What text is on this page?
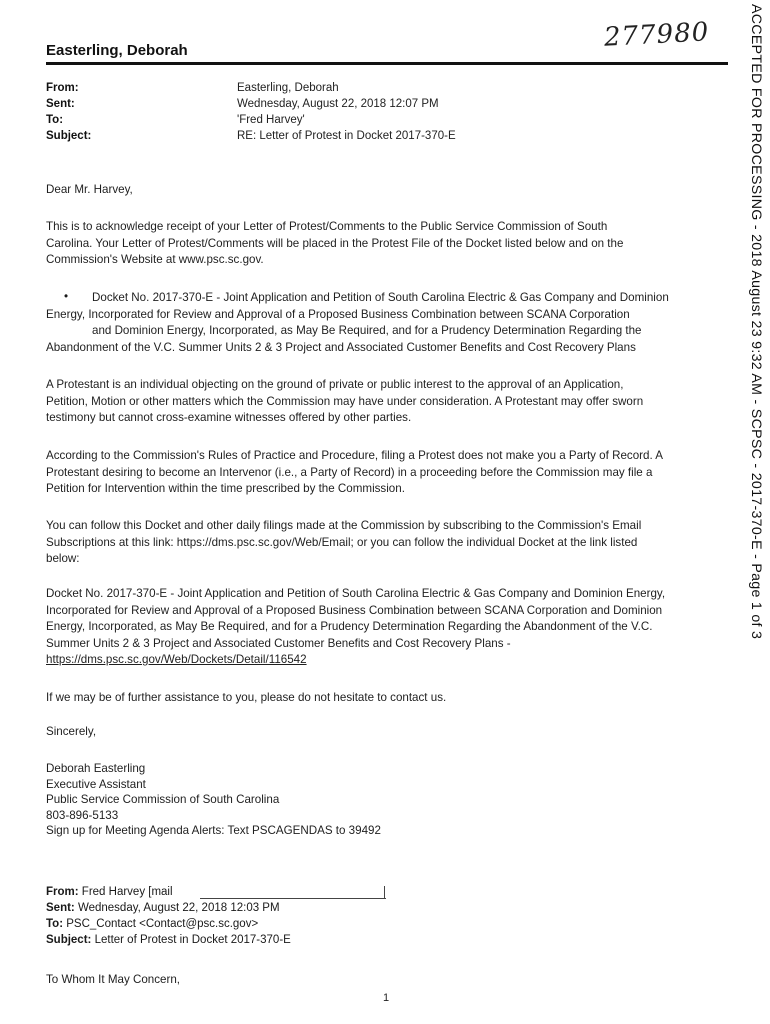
Easterling, Deborah	277980	ACCEPTED FOR PROCESSING - 2018 August 23 9:32 AM - SCPSC - 2017-370-E - Page 1 of 3
From:	Easterling, Deborah
Sent:	Wednesday, August 22, 2018 12:07 PM
To:	'Fred Harvey'
Subject:	RE: Letter of Protest in Docket 2017-370-E
Dear Mr. Harvey,
This is to acknowledge receipt of your Letter of Protest/Comments to the Public Service Commission of South
Carolina. Your Letter of Protest/Comments will be placed in the Protest File of the Docket listed below and on the
Commission's Website at www.psc.sc.gov.
•	Docket No. 2017-370-E - Joint Application and Petition of South Carolina Electric & Gas Company and Dominion
Energy, Incorporated for Review and Approval of a Proposed Business Combination between SCANA Corporation
and Dominion Energy, Incorporated, as May Be Required, and for a Prudency Determination Regarding the
Abandonment of the V.C. Summer Units 2 & 3 Project and Associated Customer Benefits and Cost Recovery Plans
A Protestant is an individual objecting on the ground of private or public interest to the approval of an Application,
Petition, Motion or other matters which the Commission may have under consideration. A Protestant may offer sworn
testimony but cannot cross-examine witnesses offered by other parties.
According to the Commission's Rules of Practice and Procedure, filing a Protest does not make you a Party of Record. A
Protestant desiring to become an Intervenor (i.e., a Party of Record) in a proceeding before the Commission may file a
Petition for Intervention within the time prescribed by the Commission.
You can follow this Docket and other daily filings made at the Commission by subscribing to the Commission's Email
Subscriptions at this link: https://dms.psc.sc.gov/Web/Email; or you can follow the individual Docket at the link listed
below:
Docket No. 2017-370-E - Joint Application and Petition of South Carolina Electric & Gas Company and Dominion Energy,
Incorporated for Review and Approval of a Proposed Business Combination between SCANA Corporation and Dominion
Energy, Incorporated, as May Be Required, and for a Prudency Determination Regarding the Abandonment of the V.C.
Summer Units 2 & 3 Project and Associated Customer Benefits and Cost Recovery Plans -
https://dms.psc.sc.gov/Web/Dockets/Detail/116542
If we may be of further assistance to you, please do not hesitate to contact us.
Sincerely,
Deborah Easterling
Executive Assistant
Public Service Commission of South Carolina
803-896-5133
Sign up for Meeting Agenda Alerts: Text PSCAGENDAS to 39492
From: Fred Harvey [mail
Sent: Wednesday, August 22, 2018 12:03 PM
To: PSC_Contact <Contact@psc.sc.gov>
Subject: Letter of Protest in Docket 2017-370-E
To Whom It May Concern,
1
